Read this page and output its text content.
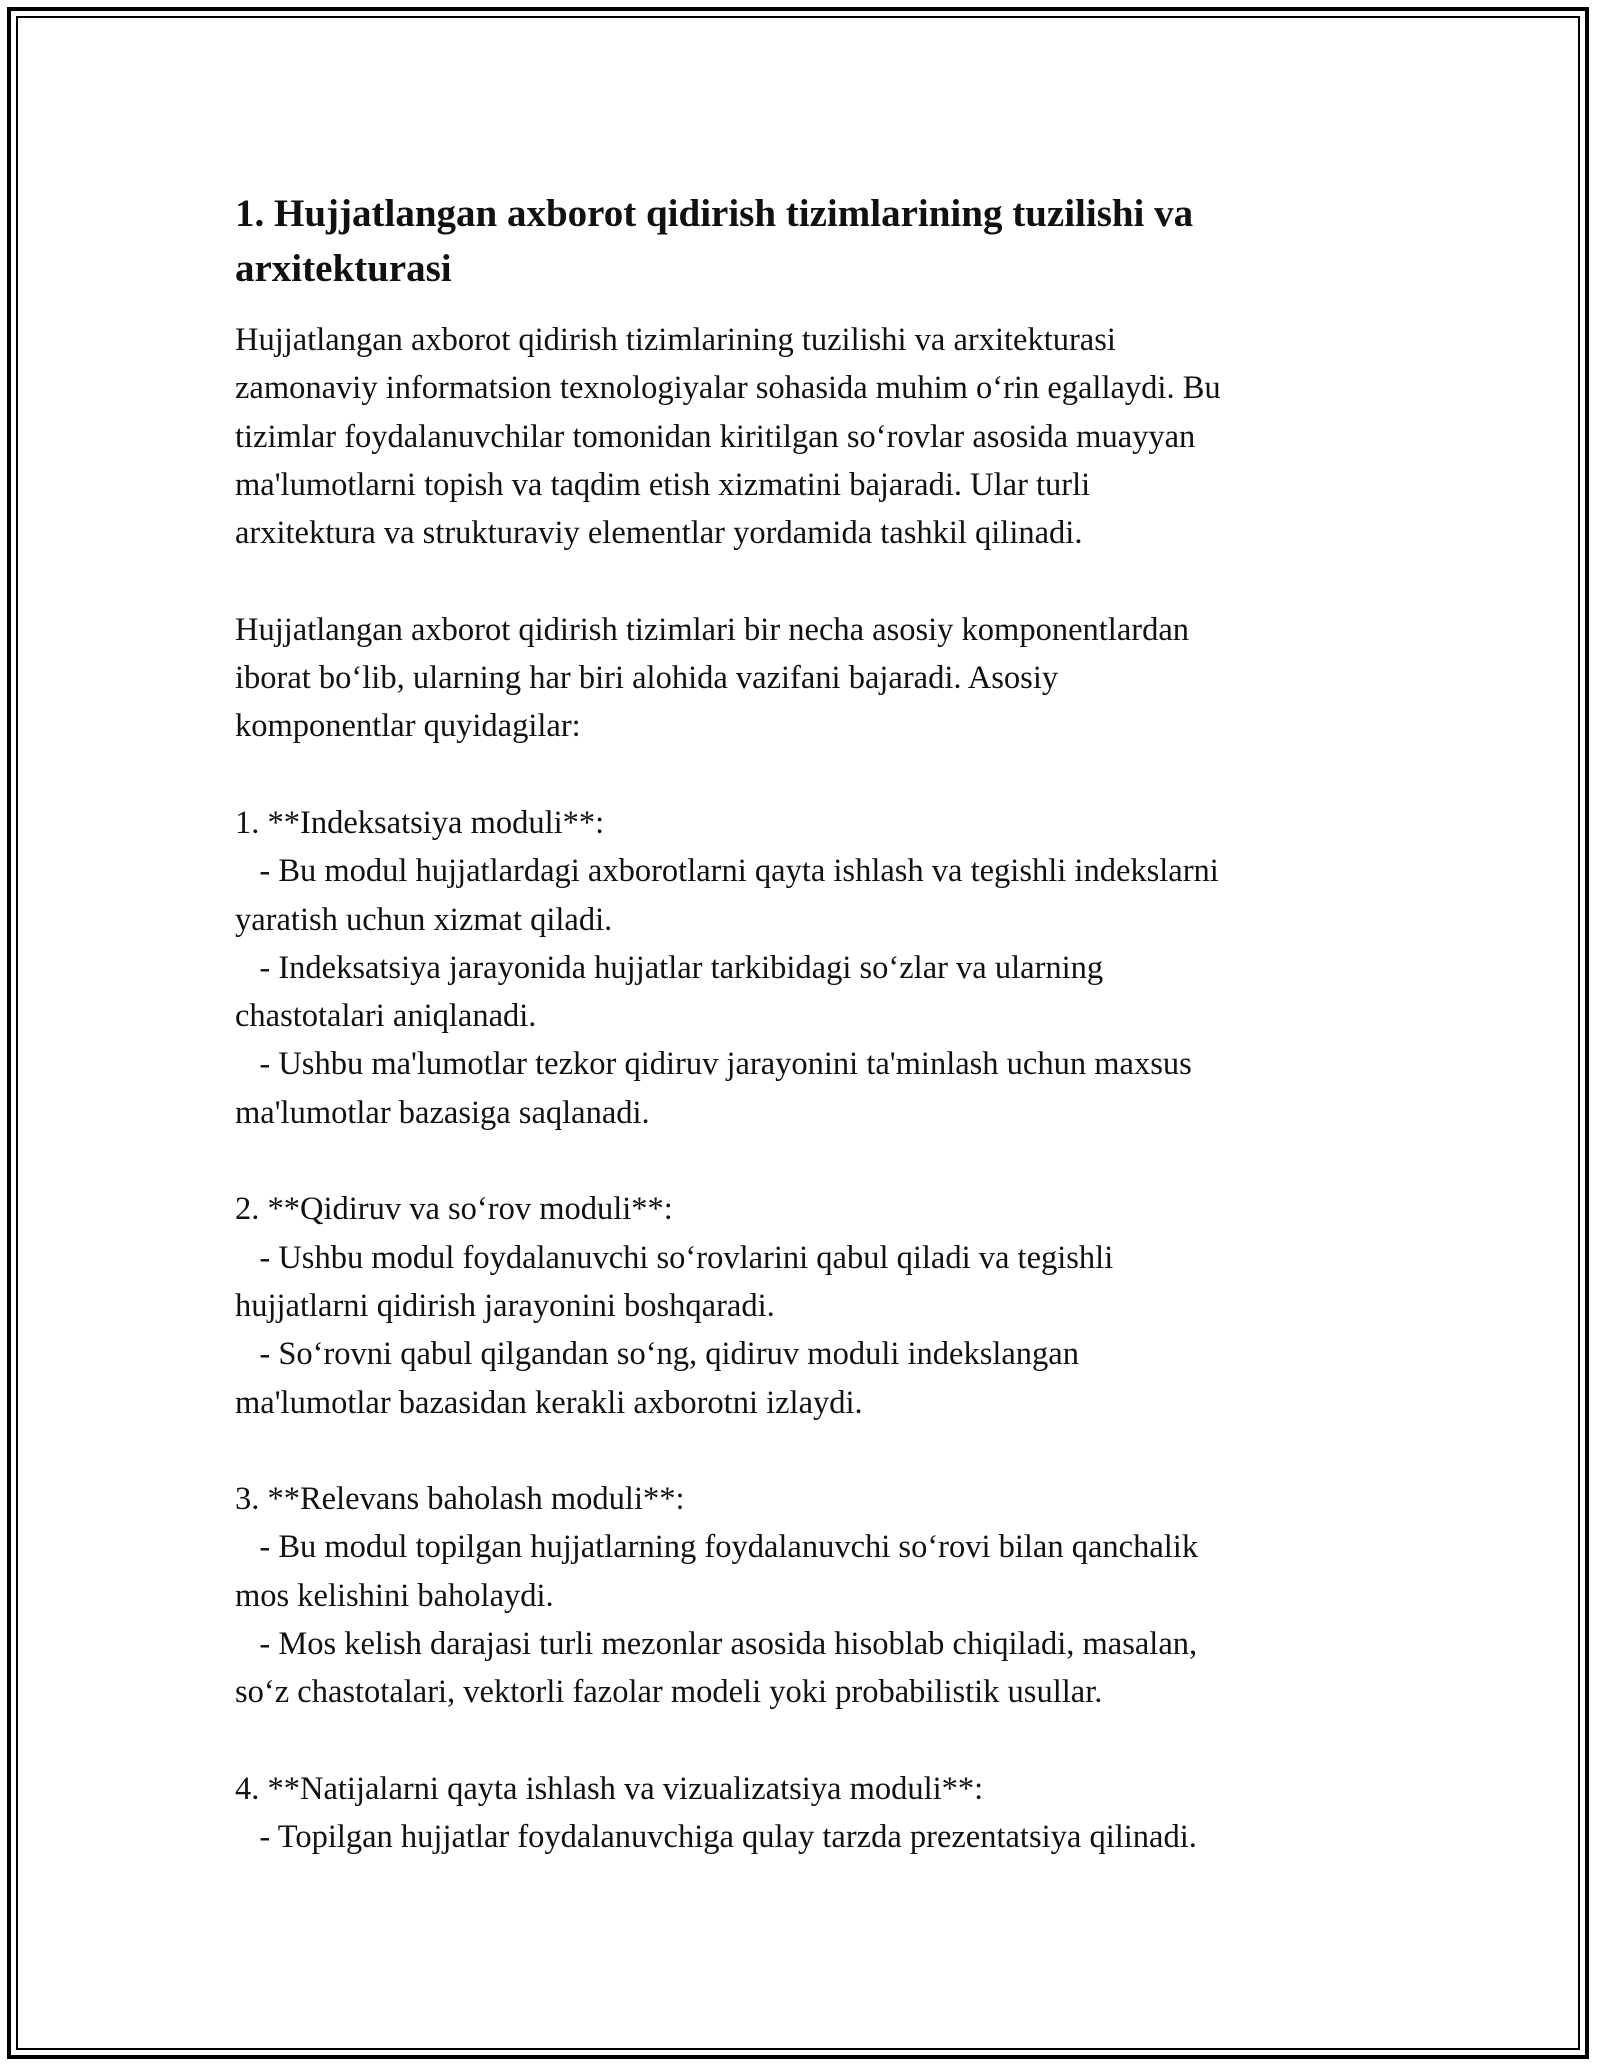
1. Hujjatlangan axborot qidirish tizimlarining tuzilishi va arxitekturasi

Hujjatlangan axborot qidirish tizimlarining tuzilishi va arxitekturasi
zamonaviy informatsion texnologiyalar sohasida muhim o‘rin egallaydi. Bu
tizimlar foydalanuvchilar tomonidan kiritilgan so‘rovlar asosida muayyan
ma'lumotlarni topish va taqdim etish xizmatini bajaradi. Ular turli
arxitektura va strukturaviy elementlar yordamida tashkil qilinadi.

Hujjatlangan axborot qidirish tizimlari bir necha asosiy komponentlardan
iborat bo‘lib, ularning har biri alohida vazifani bajaradi. Asosiy
komponentlar quyidagilar:

1. **Indeksatsiya moduli**:
- Bu modul hujjatlardagi axborotlarni qayta ishlash va tegishli indekslarni
yaratish uchun xizmat qiladi.
- Indeksatsiya jarayonida hujjatlar tarkibidagi so‘zlar va ularning
chastotalari aniqlanadi.
- Ushbu ma'lumotlar tezkor qidiruv jarayonini ta'minlash uchun maxsus
ma'lumotlar bazasiga saqlanadi.

2. **Qidiruv va so‘rov moduli**:
- Ushbu modul foydalanuvchi so‘rovlarini qabul qiladi va tegishli
hujjatlarni qidirish jarayonini boshqaradi.
- So‘rovni qabul qilgandan so‘ng, qidiruv moduli indekslangan
ma'lumotlar bazasidan kerakli axborotni izlaydi.

3. **Relevans baholash moduli**:
- Bu modul topilgan hujjatlarning foydalanuvchi so‘rovi bilan qanchalik
mos kelishini baholaydi.
- Mos kelish darajasi turli mezonlar asosida hisoblab chiqiladi, masalan,
so‘z chastotalari, vektorli fazolar modeli yoki probabilistik usullar.

4. **Natijalarni qayta ishlash va vizualizatsiya moduli**:
- Topilgan hujjatlar foydalanuvchiga qulay tarzda prezentatsiya qilinadi.
